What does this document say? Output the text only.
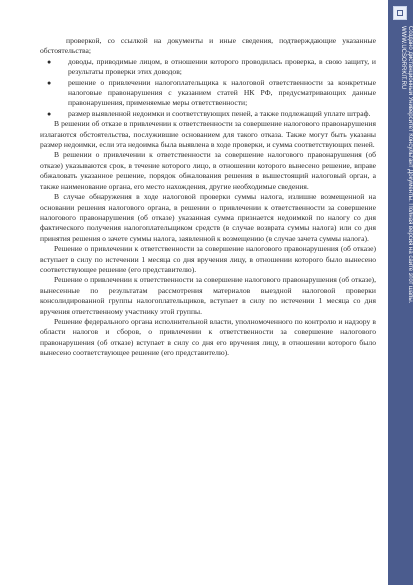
проверкой, со ссылкой на документы и иные сведения, подтверждающие указанные обстоятельства;

● доводы, приводимые лицом, в отношении которого проводилась проверка, в свою защиту, и результаты проверки этих доводов;
● решение о привлечении налогоплательщика к налоговой ответственности за конкретные налоговые правонарушения с указанием статей НК РФ, предусматривающих данные правонарушения, применяемые меры ответственности;
● размер выявленной недоимки и соответствующих пеней, а также подлежащий уплате штраф.

В решении об отказе в привлечении к ответственности за совершение налогового правонарушения излагаются обстоятельства, послужившие основанием для такого отказа. Также могут быть указаны размер недоимки, если эта недоимка была выявлена в ходе проверки, и сумма соответствующих пеней.

В решении о привлечении к ответственности за совершение налогового правонарушения (об отказе) указываются срок, в течение которого лицо, в отношении которого вынесено решение, вправе обжаловать указанное решение, порядок обжалования решения в вышестоящий налоговый орган, а также наименование органа, его место нахождения, другие необходимые сведения.

В случае обнаружения в ходе налоговой проверки суммы налога, излишне возмещенной на основании решения налогового органа, в решении о привлечении к ответственности за совершение налогового правонарушения (об отказе) указанная сумма признается недоимкой по налогу со дня фактического получения налогоплательщиком средств (в случае возврата суммы налога) или со дня принятия решения о зачете суммы налога, заявленной к возмещению (в случае зачета суммы налога).

Решение о привлечении к ответственности за совершение налогового правонарушения (об отказе) вступает в силу по истечении 1 месяца со дня вручения лицу, в отношении которого было вынесено соответствующее решение (его представителю).

Решение о привлечении к ответственности за совершение налогового правонарушения (об отказе), вынесенные по результатам рассмотрения материалов выездной налоговой проверки консолидированной группы налогоплательщиков, вступает в силу по истечении 1 месяца со дня вручения ответственному участнику этой группы.

Решение федерального органа исполнительной власти, уполномоченного по контролю и надзору в области налогов и сборов, о привлечении к ответственности за совершение налогового правонарушения (об отказе) вступает в силу со дня его вручения лицу, в отношении которого было вынесено соответствующее решение (его представителю).

Создано дистанционный Университет Консультант Документы. Полная версия на сайте этот шапы.
WWW.UCSORRKIT.RU
